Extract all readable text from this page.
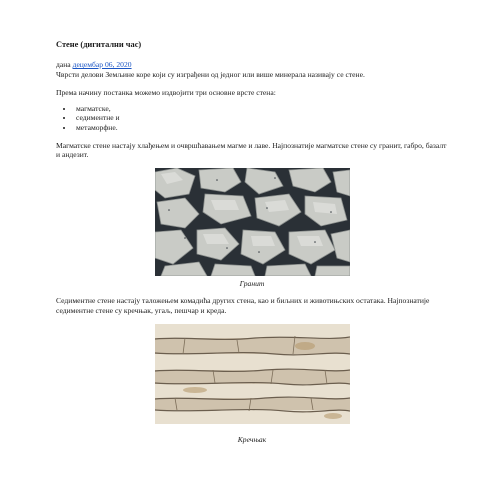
Стене (дигитални час)

дана децембар 06, 2020

Чврсти делови Земљине коре који су изграђени од једног или више минерала називају се стене.

Према начину постанка можемо издвојити три основне врсте стена:

• магматске,
• седиментне и
• метаморфне.

Магматске стене настају хлађењем и очвршћавањем магме и лаве. Најпознатије магматске стене су гранит, габро, базалт и андезит.

Гранит

Седиментне стене настају таложењем комадића других стена, као и биљних и животињских остатака. Најпознатије седиментне стене су кречњак, угаљ, пешчар и креда.

Кречњак
